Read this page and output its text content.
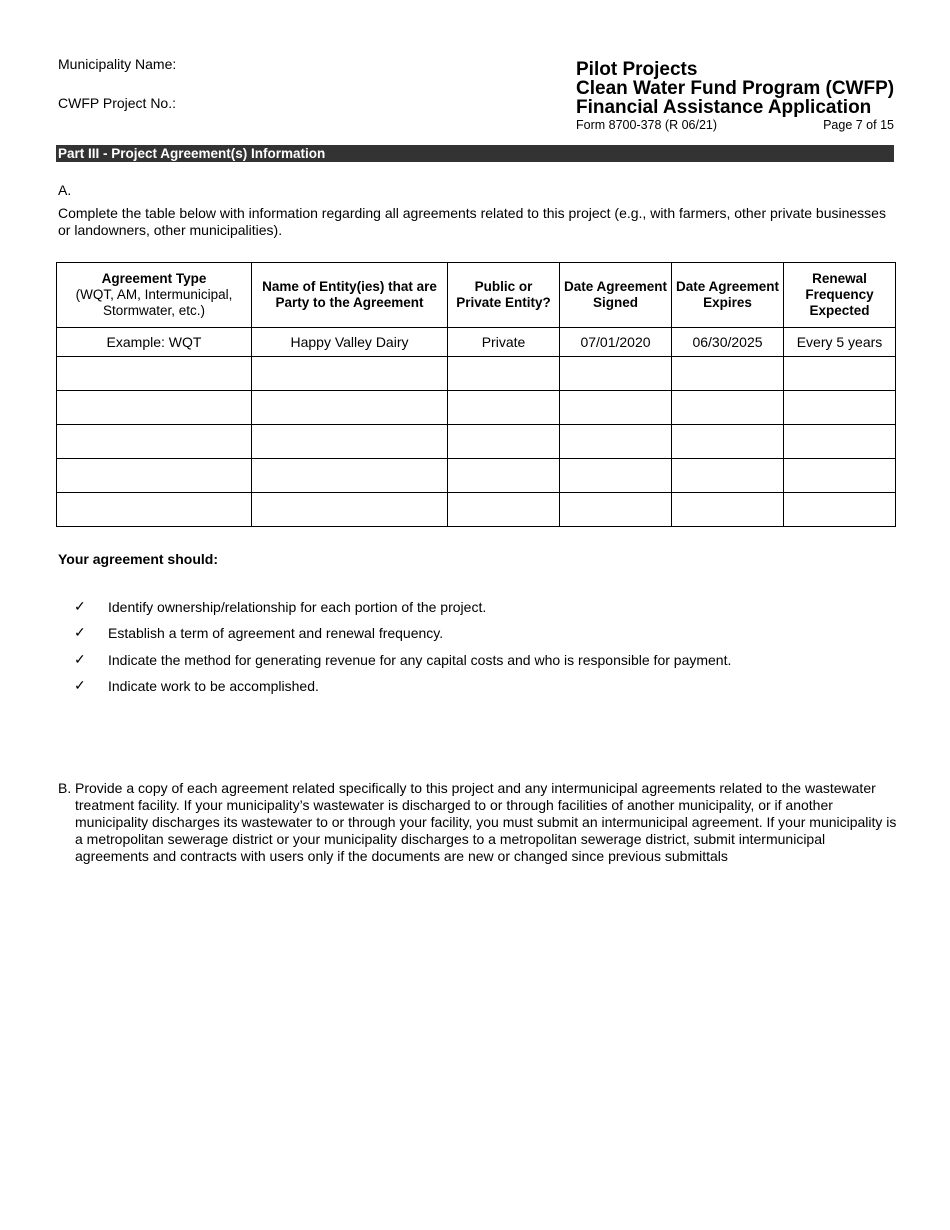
Municipality Name:
CWFP Project No.:
Pilot Projects
Clean Water Fund Program (CWFP)
Financial Assistance Application
Form 8700-378 (R 06/21)	Page 7 of 15
Part III - Project Agreement(s) Information
A.
Complete the table below with information regarding all agreements related to this project (e.g., with farmers, other private businesses or landowners, other municipalities).
Agreement Type
(WQT, AM, Intermunicipal, Stormwater, etc.)	Name of Entity(ies) that are Party to the Agreement	Public or Private Entity?	Date Agreement Signed	Date Agreement Expires	Renewal Frequency Expected

Example: WQT	Happy Valley Dairy	Private	07/01/2020	06/30/2025	Every 5 years

Your agreement should:
✓ Identify ownership/relationship for each portion of the project.
✓ Establish a term of agreement and renewal frequency.
✓ Indicate the method for generating revenue for any capital costs and who is responsible for payment.
✓ Indicate work to be accomplished.
B. Provide a copy of each agreement related specifically to this project and any intermunicipal agreements related to the wastewater treatment facility. If your municipality’s wastewater is discharged to or through facilities of another municipality, or if another municipality discharges its wastewater to or through your facility, you must submit an intermunicipal agreement. If your municipality is a metropolitan sewerage district or your municipality discharges to a metropolitan sewerage district, submit intermunicipal agreements and contracts with users only if the documents are new or changed since previous submittals
